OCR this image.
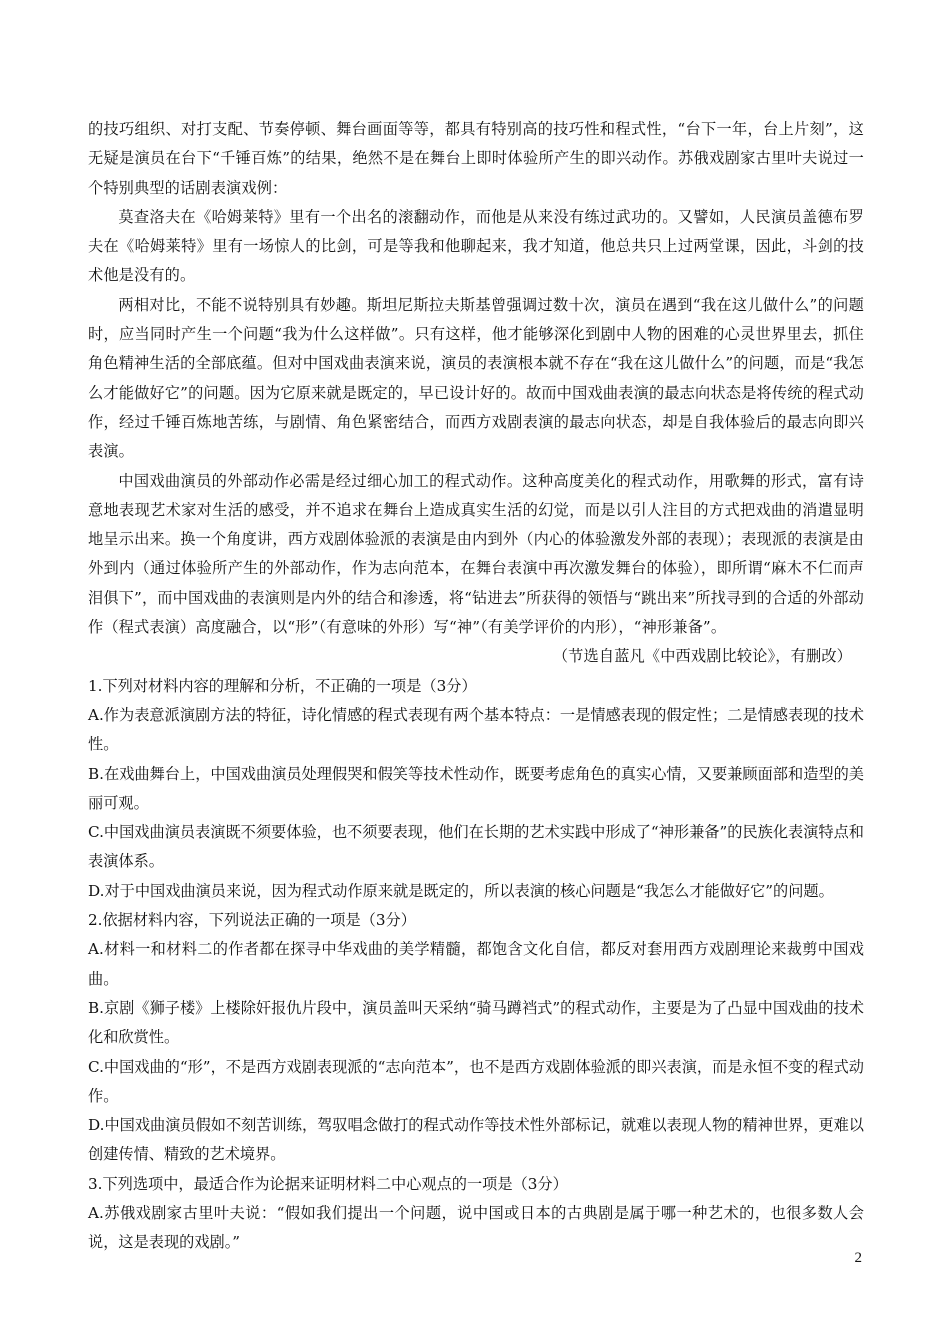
的技巧组织、对打支配、节奏停顿、舞台画面等等，都具有特别高的技巧性和程式性，“台下一年，台上片刻”，这无疑是演员在台下“千锤百炼”的结果，绝然不是在舞台上即时体验所产生的即兴动作。苏俄戏剧家古里叶夫说过一个特别典型的话剧表演戏例：

莫查洛夫在《哈姆莱特》里有一个出名的滚翻动作，而他是从来没有练过武功的。又譬如，人民演员盖德布罗夫在《哈姆莱特》里有一场惊人的比剑，可是等我和他聊起来，我才知道，他总共只上过两堂课，因此，斗剑的技术他是没有的。

两相对比，不能不说特别具有妙趣。斯坦尼斯拉夫斯基曾强调过数十次，演员在遇到“我在这儿做什么”的问题时，应当同时产生一个问题“我为什么这样做”。只有这样，他才能够深化到剧中人物的困难的心灵世界里去，抓住角色精神生活的全部底蕴。但对中国戏曲表演来说，演员的表演根本就不存在“我在这儿做什么”的问题，而是“我怎么才能做好它”的问题。因为它原来就是既定的，早已设计好的。故而中国戏曲表演的最志向状态是将传统的程式动作，经过千锤百炼地苦练，与剧情、角色紧密结合，而西方戏剧表演的最志向状态，却是自我体验后的最志向即兴表演。

中国戏曲演员的外部动作必需是经过细心加工的程式动作。这种高度美化的程式动作，用歌舞的形式，富有诗意地表现艺术家对生活的感受，并不追求在舞台上造成真实生活的幻觉，而是以引人注目的方式把戏曲的消遣显明地呈示出来。换一个角度讲，西方戏剧体验派的表演是由内到外（内心的体验激发外部的表现）；表现派的表演是由外到内（通过体验所产生的外部动作，作为志向范本，在舞台表演中再次激发舞台的体验），即所谓“麻木不仁而声泪俱下”，而中国戏曲的表演则是内外的结合和渗透，将“钻进去”所获得的领悟与“跳出来”所找寻到的合适的外部动作（程式表演）高度融合，以“形”（有意味的外形）写“神”（有美学评价的内形），“神形兼备”。

（节选自蓝凡《中西戏剧比较论》，有删改）

1.下列对材料内容的理解和分析，不正确的一项是（3分）

A.作为表意派演剧方法的特征，诗化情感的程式表现有两个基本特点：一是情感表现的假定性；二是情感表现的技术性。

B.在戏曲舞台上，中国戏曲演员处理假哭和假笑等技术性动作，既要考虑角色的真实心情，又要兼顾面部和造型的美丽可观。

C.中国戏曲演员表演既不须要体验，也不须要表现，他们在长期的艺术实践中形成了“神形兼备”的民族化表演特点和表演体系。

D.对于中国戏曲演员来说，因为程式动作原来就是既定的，所以表演的核心问题是“我怎么才能做好它”的问题。

2.依据材料内容，下列说法正确的一项是（3分）

A.材料一和材料二的作者都在探寻中华戏曲的美学精髓，都饱含文化自信，都反对套用西方戏剧理论来裁剪中国戏曲。

B.京剧《狮子楼》上楼除奸报仇片段中，演员盖叫天采纳“骑马蹲裆式”的程式动作，主要是为了凸显中国戏曲的技术化和欣赏性。

C.中国戏曲的“形”，不是西方戏剧表现派的“志向范本”，也不是西方戏剧体验派的即兴表演，而是永恒不变的程式动作。

D.中国戏曲演员假如不刻苦训练，驾驭唱念做打的程式动作等技术性外部标记，就难以表现人物的精神世界，更难以创建传情、精致的艺术境界。

3.下列选项中，最适合作为论据来证明材料二中心观点的一项是（3分）

A.苏俄戏剧家古里叶夫说：“假如我们提出一个问题，说中国或日本的古典剧是属于哪一种艺术的，也很多数人会说，这是表现的戏剧。”

2
